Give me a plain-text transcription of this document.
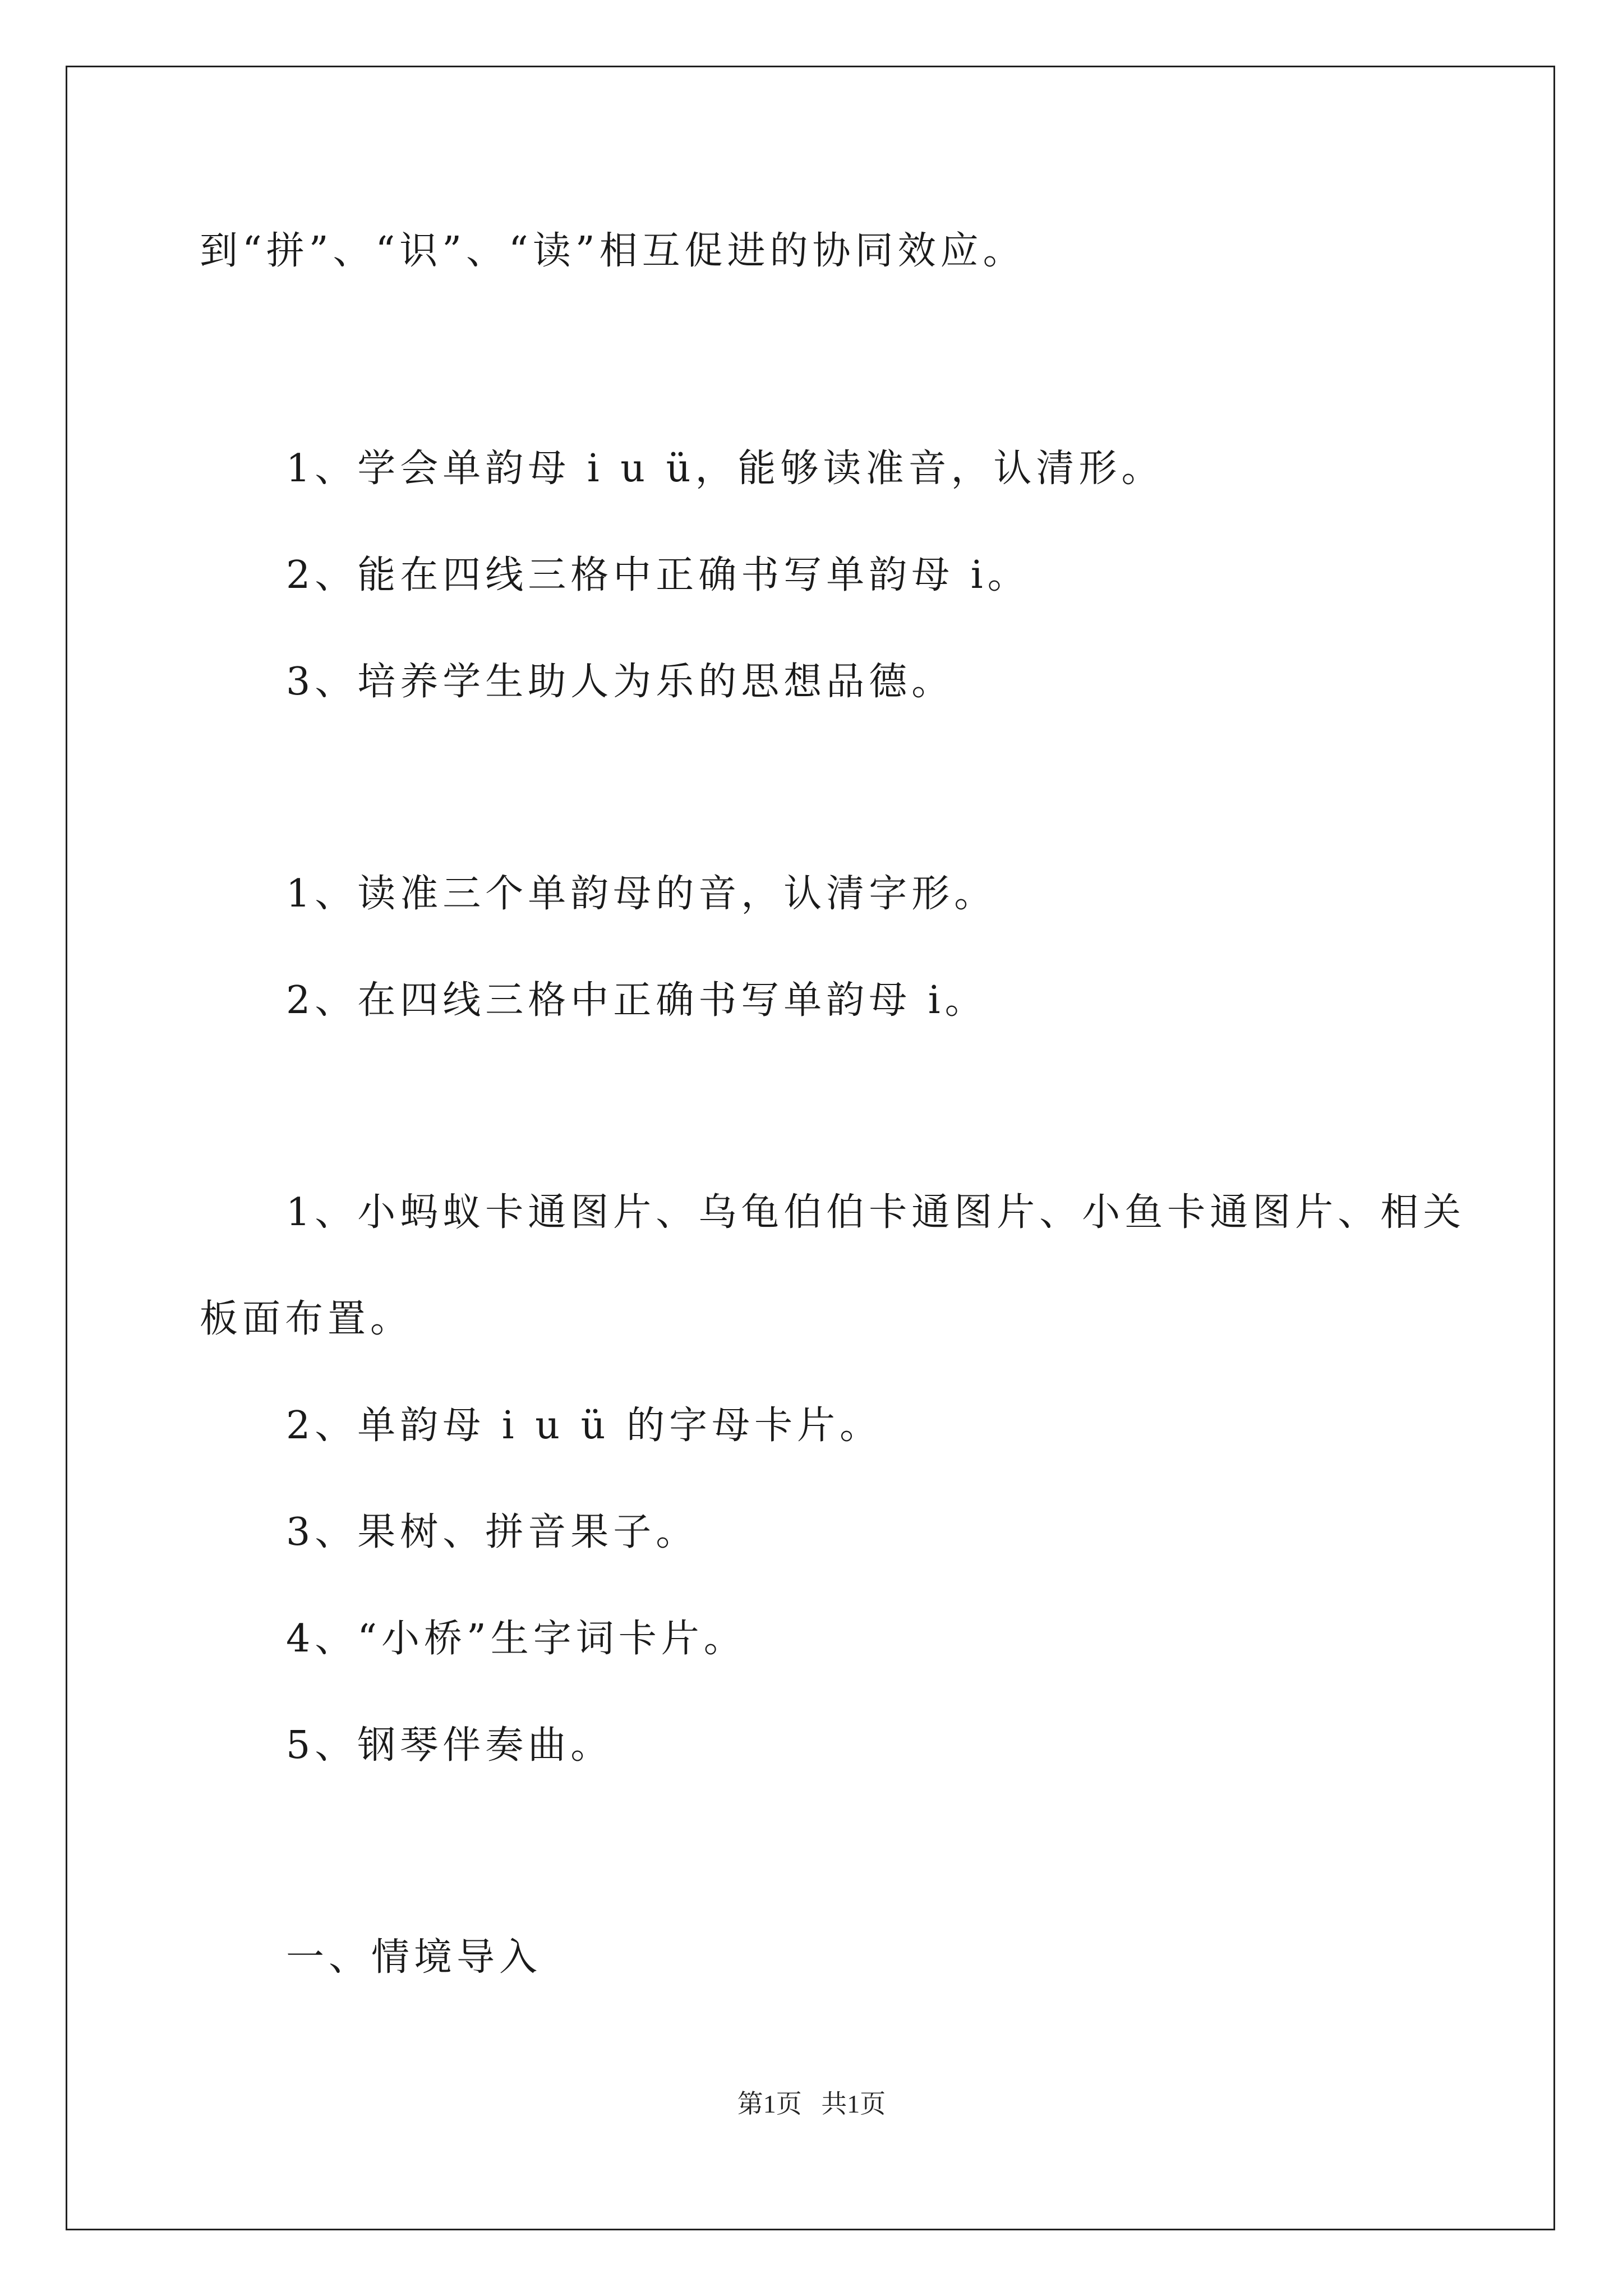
到“拼”、“识”、“读”相互促进的协同效应。
1、学会单韵母 i u ü，能够读准音，认清形。
2、能在四线三格中正确书写单韵母 i。
3、培养学生助人为乐的思想品德。
1、读准三个单韵母的音，认清字形。
2、在四线三格中正确书写单韵母 i。
1、小蚂蚁卡通图片、乌龟伯伯卡通图片、小鱼卡通图片、相关
板面布置。
2、单韵母 i u ü 的字母卡片。
3、果树、拼音果子。
4、“小桥”生字词卡片。
5、钢琴伴奏曲。
一、情境导入
第1页   共1页
